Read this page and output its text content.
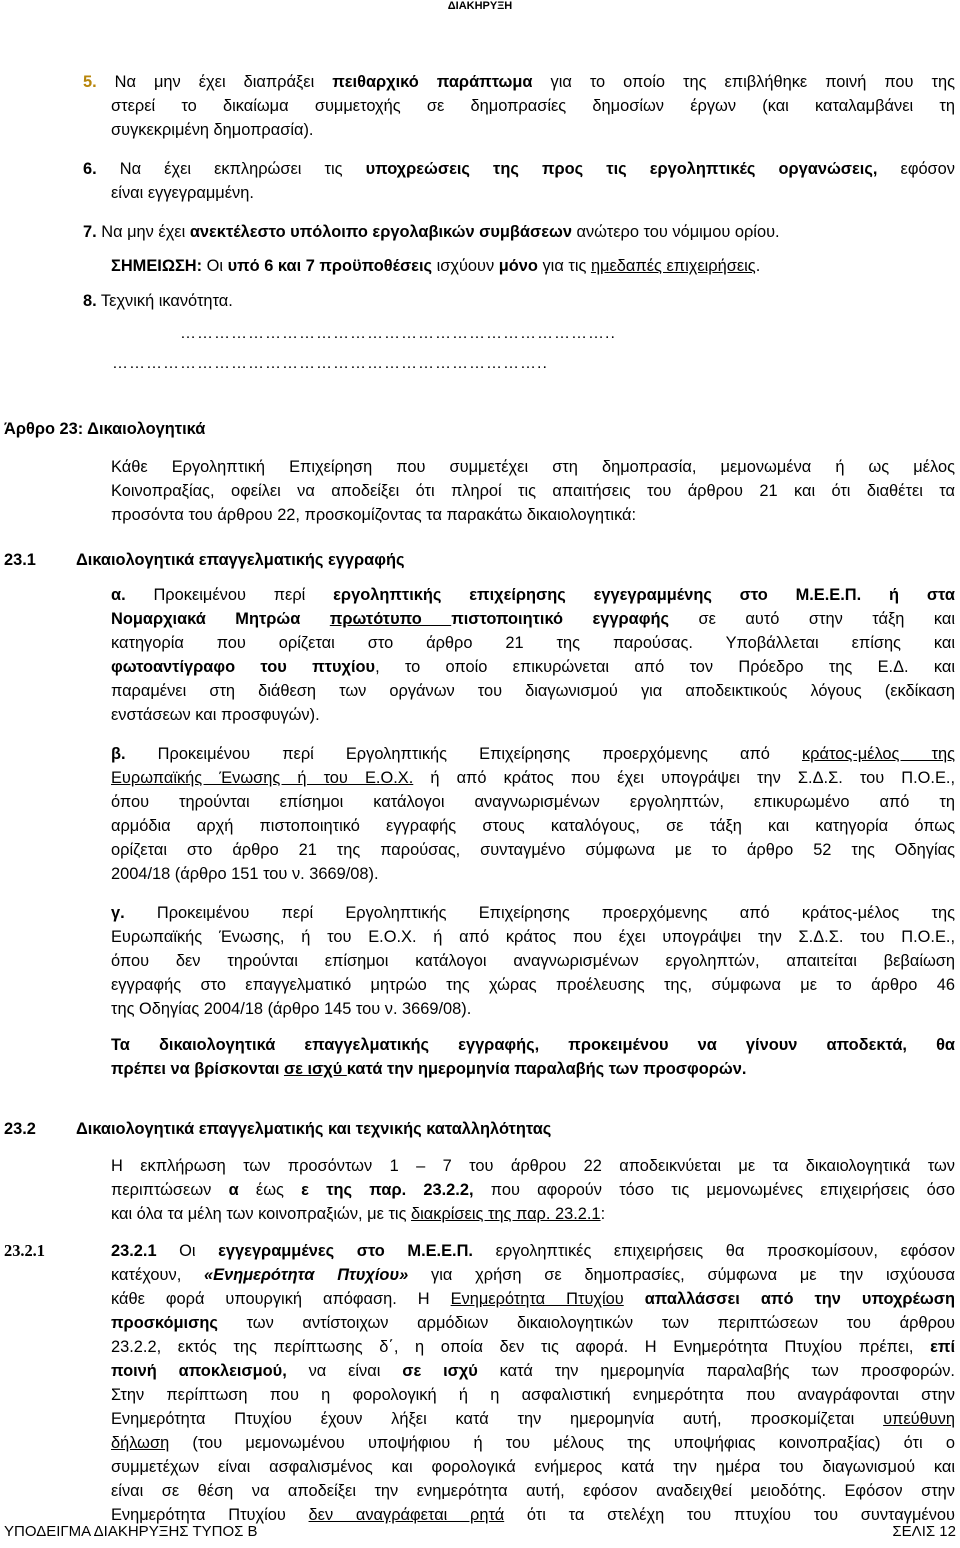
ΔΙΑΚΗΡΥΞΗ

5. Να μην έχει διαπράξει πειθαρχικό παράπτωμα για το οποίο της επιβλήθηκε ποινή που της

στερεί το δικαίωμα συμμετοχής σε δημοπρασίες δημοσίων έργων (και καταλαμβάνει τη

συγκεκριμένη δημοπρασία).

6. Να έχει εκπληρώσει τις υποχρεώσεις της προς τις εργοληπτικές οργανώσεις, εφόσον

είναι εγγεγραμμένη.

7. Να μην έχει ανεκτέλεστο υπόλοιπο εργολαβικών συμβάσεων ανώτερο του νόμιμου ορίου.

ΣΗΜΕΙΩΣΗ: Οι υπό 6 και 7 προϋποθέσεις ισχύουν μόνο για τις ημεδαπές επιχειρήσεις.

8. Τεχνική ικανότητα.

…………………………………………………………………..
…………………………………………………………………..

Άρθρο 23: Δικαιολογητικά

Κάθε Εργοληπτική Επιχείρηση που συμμετέχει στη δημοπρασία, μεμονωμένα ή ως μέλος

Κοινοπραξίας, οφείλει να αποδείξει ότι πληροί τις απαιτήσεις του άρθρου 21 και ότι διαθέτει τα

προσόντα του άρθρου 22, προσκομίζοντας τα παρακάτω δικαιολογητικά:

23.1 Δικαιολογητικά επαγγελματικής εγγραφής

α. Προκειμένου περί εργοληπτικής επιχείρησης εγγεγραμμένης στο Μ.Ε.Ε.Π. ή στα

Νομαρχιακά Μητρώα πρωτότυπο πιστοποιητικό εγγραφής σε αυτό στην τάξη και

κατηγορία που ορίζεται στο άρθρο 21 της παρούσας. Υποβάλλεται επίσης και

φωτοαντίγραφο του πτυχίου, το οποίο επικυρώνεται από τον Πρόεδρο της Ε.Δ. και

παραμένει στη διάθεση των οργάνων του διαγωνισμού για αποδεικτικούς λόγους (εκδίκαση

ενστάσεων και προσφυγών).

β. Προκειμένου περί Εργοληπτικής Επιχείρησης προερχόμενης από κράτος-μέλος της

Ευρωπαϊκής Ένωσης ή του Ε.Ο.Χ. ή από κράτος που έχει υπογράψει την Σ.Δ.Σ. του Π.Ο.Ε.,

όπου τηρούνται επίσημοι κατάλογοι αναγνωρισμένων εργοληπτών, επικυρωμένο από τη

αρμόδια αρχή πιστοποιητικό εγγραφής στους καταλόγους, σε τάξη και κατηγορία όπως

ορίζεται στο άρθρο 21 της παρούσας, συνταγμένο σύμφωνα με το άρθρο 52 της Οδηγίας

2004/18 (άρθρο 151 του ν. 3669/08).

γ. Προκειμένου περί Εργοληπτικής Επιχείρησης προερχόμενης από κράτος-μέλος της

Ευρωπαϊκής Ένωσης, ή του Ε.Ο.Χ. ή από κράτος που έχει υπογράψει την Σ.Δ.Σ. του Π.Ο.Ε.,

όπου δεν τηρούνται επίσημοι κατάλογοι αναγνωρισμένων εργοληπτών, απαιτείται βεβαίωση

εγγραφής στο επαγγελματικό μητρώο της χώρας προέλευσης της, σύμφωνα με το άρθρο 46

της Οδηγίας 2004/18 (άρθρο 145 του ν. 3669/08).

Τα δικαιολογητικά επαγγελματικής εγγραφής, προκειμένου να γίνουν αποδεκτά, θα

πρέπει να βρίσκονται σε ισχύ κατά την ημερομηνία παραλαβής των προσφορών.

23.2 Δικαιολογητικά επαγγελματικής και τεχνικής καταλληλότητας

Η εκπλήρωση των προσόντων 1 – 7 του άρθρου 22 αποδεικνύεται με τα δικαιολογητικά των

περιπτώσεων α έως ε της παρ. 23.2.2, που αφορούν τόσο τις μεμονωμένες επιχειρήσεις όσο

και όλα τα μέλη των κοινοπραξιών, με τις διακρίσεις της παρ. 23.2.1:

23.2.1	23.2.1 Οι εγγεγραμμένες στο Μ.Ε.Ε.Π. εργοληπτικές επιχειρήσεις θα προσκομίσουν, εφόσον

κατέχουν, «Ενημερότητα Πτυχίου» για χρήση σε δημοπρασίες, σύμφωνα με την ισχύουσα

κάθε φορά υπουργική απόφαση. Η Ενημερότητα Πτυχίου απαλλάσσει από την υποχρέωση

προσκόμισης των αντίστοιχων αρμόδιων δικαιολογητικών των περιπτώσεων του άρθρου

23.2.2, εκτός της περίπτωσης δ΄, η οποία δεν τις αφορά. Η Ενημερότητα Πτυχίου πρέπει, επί

ποινή αποκλεισμού, να είναι σε ισχύ κατά την ημερομηνία παραλαβής των προσφορών.

Στην περίπτωση που η φορολογική ή η ασφαλιστική ενημερότητα που αναγράφονται στην

Ενημερότητα Πτυχίου έχουν λήξει κατά την ημερομηνία αυτή, προσκομίζεται υπεύθυνη

δήλωση (του μεμονωμένου υποψήφιου ή του μέλους της υποψήφιας κοινοπραξίας) ότι ο

συμμετέχων είναι ασφαλισμένος και φορολογικά ενήμερος κατά την ημέρα του διαγωνισμού και

είναι σε θέση να αποδείξει την ενημερότητα αυτή, εφόσον αναδειχθεί μειοδότης. Εφόσον στην

Ενημερότητα Πτυχίου δεν αναγράφεται ρητά ότι τα στελέχη του πτυχίου του συνταγμένου

ΥΠΟΔΕΙΓΜΑ ΔΙΑΚΗΡΥΞΗΣ ΤΥΠΟΣ Β	ΣΕΛΙΣ 12
